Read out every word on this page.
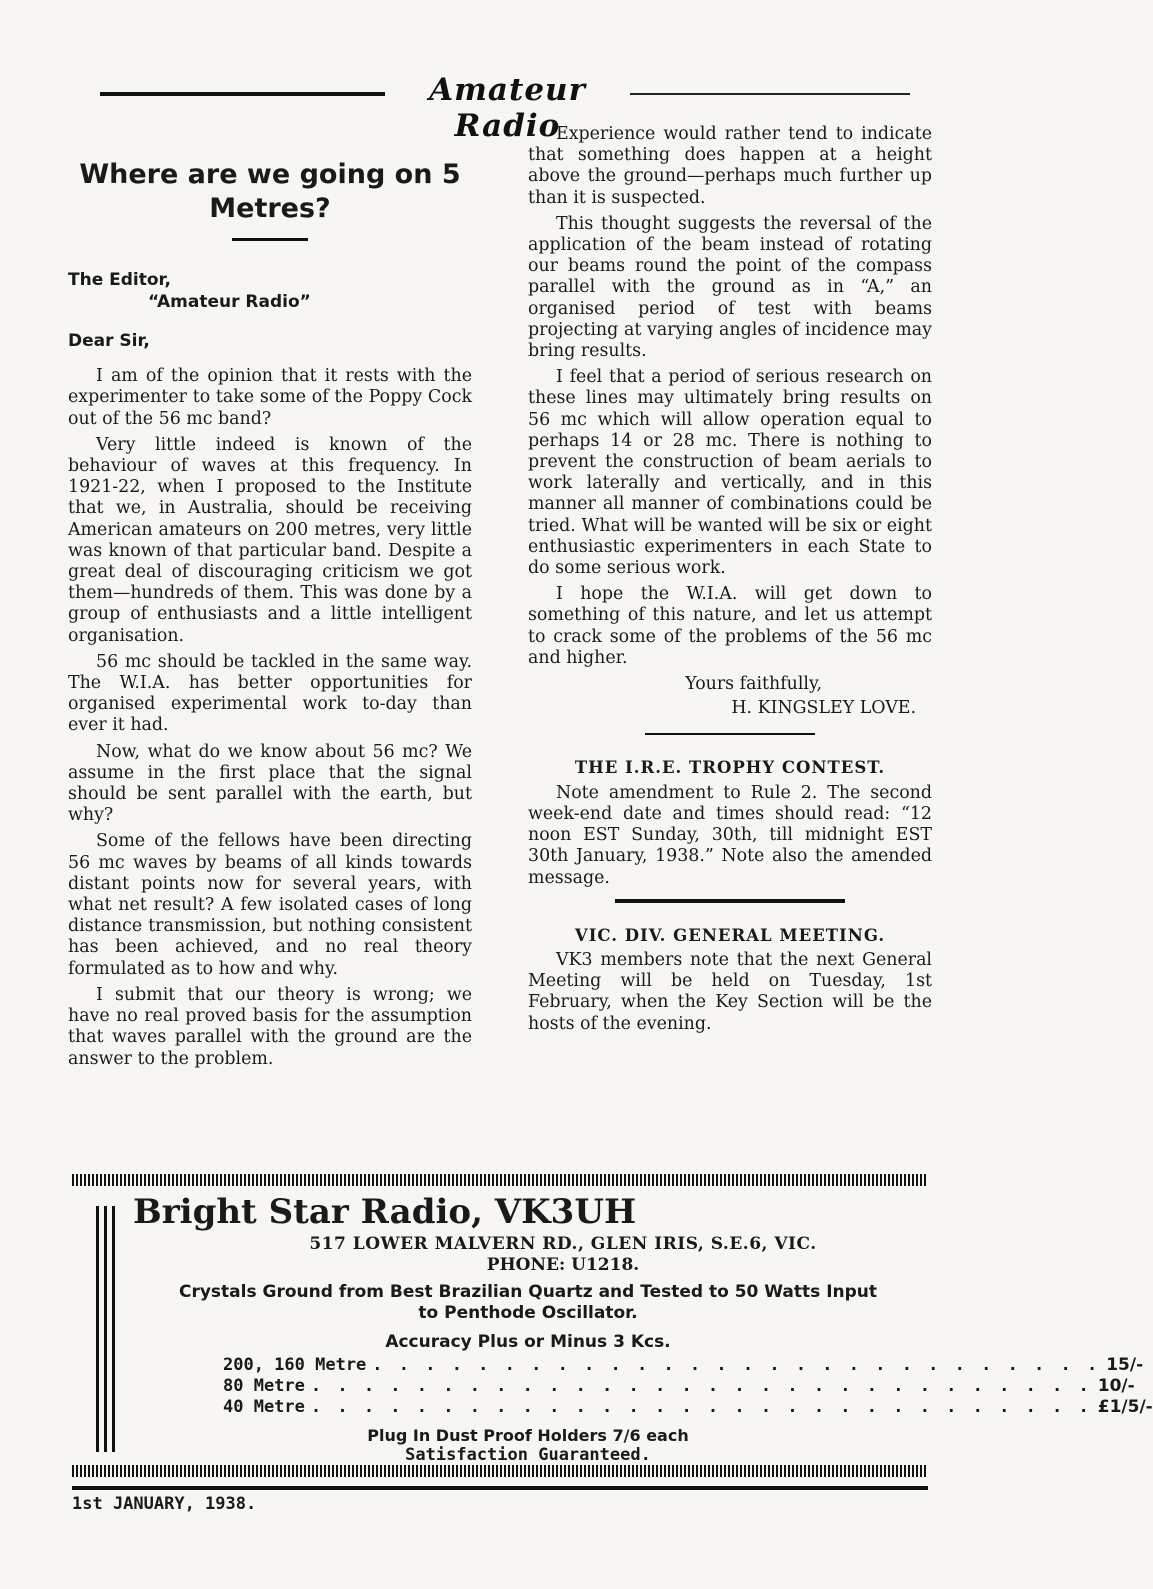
Amateur Radio
Where are we going on 5 Metres?
The Editor,
“Amateur Radio”
Dear Sir,

I am of the opinion that it rests with the experimenter to take some of the Poppy Cock out of the 56 mc band?

Very little indeed is known of the behaviour of waves at this frequency. In 1921-22, when I proposed to the Institute that we, in Australia, should be receiving American amateurs on 200 metres, very little was known of that particular band. Despite a great deal of discouraging criticism we got them—hundreds of them. This was done by a group of enthusiasts and a little intelligent organisation.

56 mc should be tackled in the same way. The W.I.A. has better opportunities for organised experimental work to-day than ever it had.

Now, what do we know about 56 mc? We assume in the first place that the signal should be sent parallel with the earth, but why?

Some of the fellows have been directing 56 mc waves by beams of all kinds towards distant points now for several years, with what net result? A few isolated cases of long distance transmission, but nothing consistent has been achieved, and no real theory formulated as to how and why.

I submit that our theory is wrong; we have no real proved basis for the assumption that waves parallel with the ground are the answer to the problem.

Experience would rather tend to indicate that something does happen at a height above the ground—perhaps much further up than it is suspected.

This thought suggests the reversal of the application of the beam instead of rotating our beams round the point of the compass parallel with the ground as in “A,” an organised period of test with beams projecting at varying angles of incidence may bring results.

I feel that a period of serious research on these lines may ultimately bring results on 56 mc which will allow operation equal to perhaps 14 or 28 mc. There is nothing to prevent the construction of beam aerials to work laterally and vertically, and in this manner all manner of combinations could be tried. What will be wanted will be six or eight enthusiastic experimenters in each State to do some serious work.

I hope the W.I.A. will get down to something of this nature, and let us attempt to crack some of the problems of the 56 mc and higher.

Yours faithfully,
H. KINGSLEY LOVE.
THE I.R.E. TROPHY CONTEST.

Note amendment to Rule 2. The second week-end date and times should read: “12 noon EST Sunday, 30th, till midnight EST 30th January, 1938.” Note also the amended message.

VIC. DIV. GENERAL MEETING.

VK3 members note that the next General Meeting will be held on Tuesday, 1st February, when the Key Section will be the hosts of the evening.

Bright Star Radio, VK3UH
517 LOWER MALVERN RD., GLEN IRIS, S.E.6, VIC.
PHONE: U1218.
Crystals Ground from Best Brazilian Quartz and Tested to 50 Watts Input
to Penthode Oscillator.
Accuracy Plus or Minus 3 Kcs.
200, 160 Metre . . . . . . . . . . . . . . . . . . . . . . . . . . . . 15/-
80 Metre . . . . . . . . . . . . . . . . . . . . . . . . . . . . . . 10/-
40 Metre . . . . . . . . . . . . . . . . . . . . . . . . . . . . . . £1/5/-
Plug In Dust Proof Holders 7/6 each
Satisfaction Guaranteed.
1st JANUARY, 1938.
